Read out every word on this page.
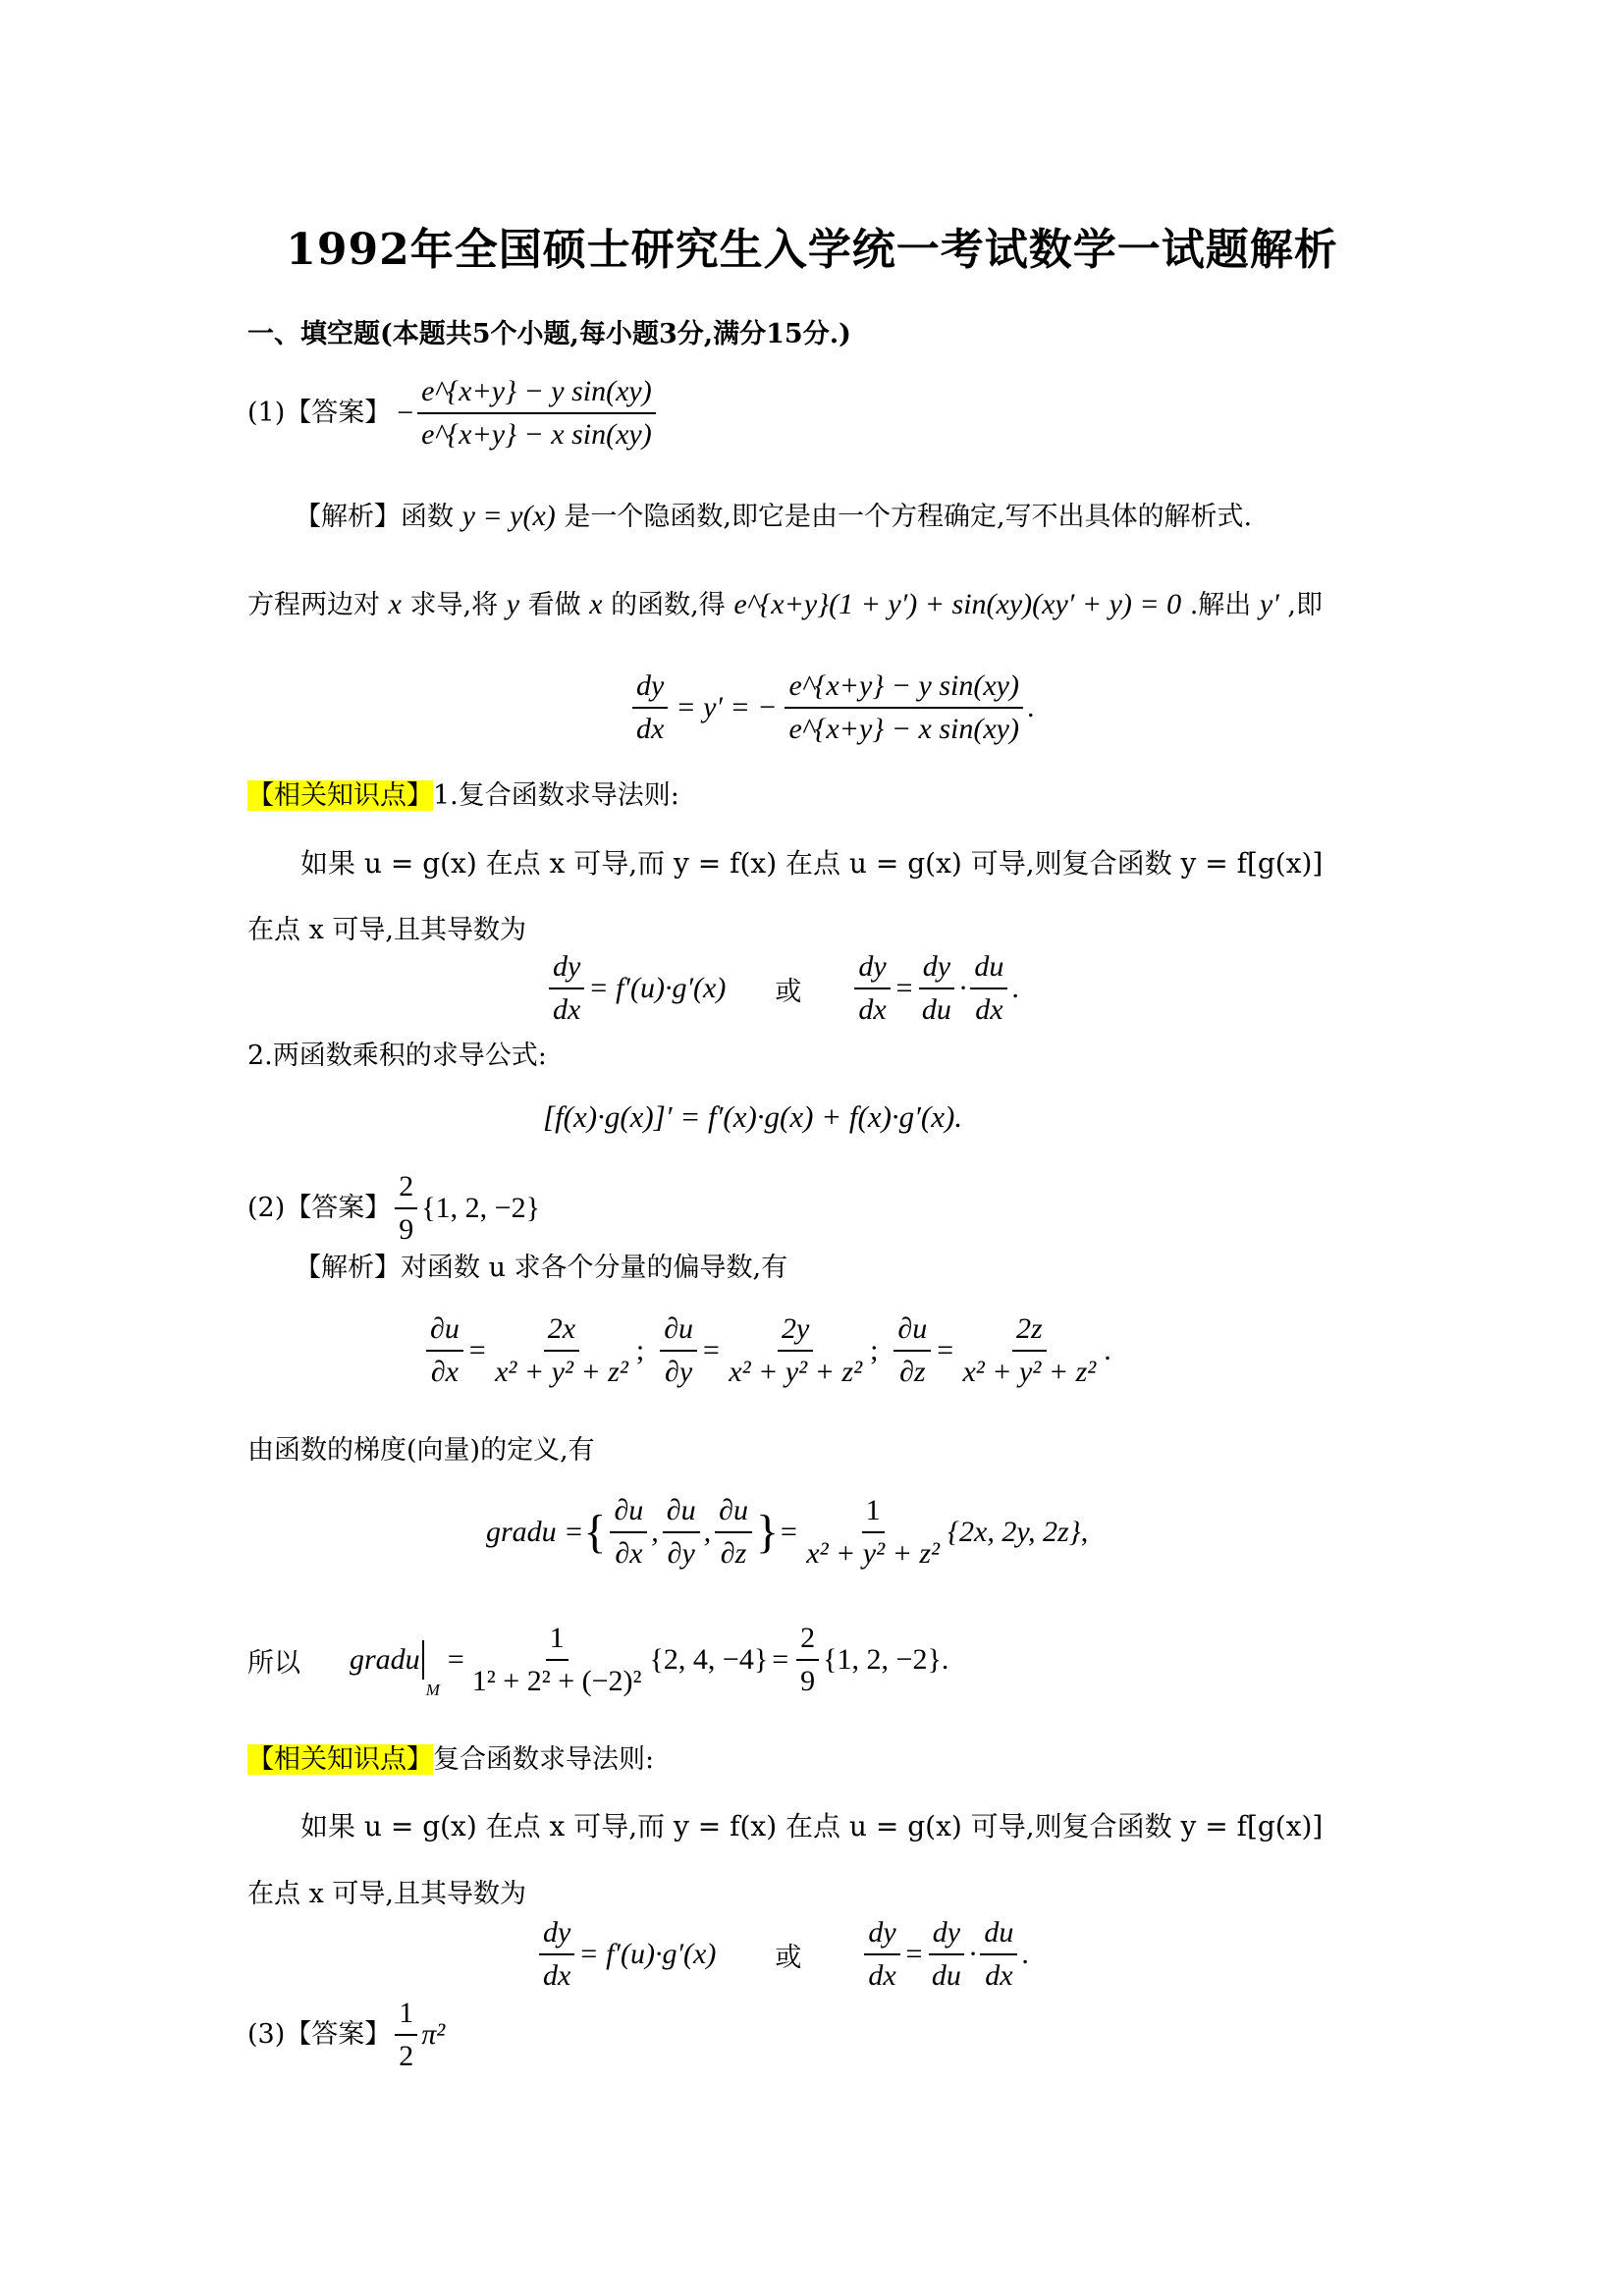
1992年全国硕士研究生入学统一考试数学一试题解析
一、填空题(本题共5个小题,每小题3分,满分15分.)
(1)【答案】 − $\frac{\text{e\textasciicircum{}\{x+y\} − y sin(xy)}}{\text{e\textasciicircum{}\{x+y\} − x sin(xy)}}$
【解析】函数 y = y(x) 是一个隐函数,即它是由一个方程确定,写不出具体的解析式.
方程两边对 x 求导,将 y 看做 x 的函数,得 e^{x+y}(1 + y′) + sin(xy)(xy′ + y) = 0 .解出 y′ ,即
$\frac{dy}{dx} = y'$ = − $\frac{\text{e\textasciicircum{}\{x+y\} − y sin(xy)}}{\text{e\textasciicircum{}\{x+y\} − x sin(xy)}}$ .
【相关知识点】1.复合函数求导法则:
如果 u = g(x) 在点 x 可导,而 y = f(x) 在点 u = g(x) 可导,则复合函数 y = f[g(x)]
在点 x 可导,且其导数为
$\frac{dy}{dx} = f'(u)\cdot g'(x)$ 或 $\frac{dy}{dx} = \frac{dy}{du} \cdot \frac{du}{dx}$ .
2.两函数乘积的求导公式:
[f(x)·g(x)]′ = f′(x)·g(x) + f(x)·g′(x).
(2)【答案】 $\frac{2}{9} \{1$, 2, −2}
【解析】对函数 u 求各个分量的偏导数,有
$\frac{\partial u}{\partial x} = \frac{2x}{\text{x² + y² + z²}}$ ; $\frac{\partial u}{\partial y} = \frac{2y}{\text{x² + y² + z²}}$ ; $\frac{\partial u}{\partial z} = \frac{2z}{\text{x² + y² + z²}}$ .
由函数的梯度(向量)的定义,有
gradu = { $\frac{\partial u}{\partial x}$ , $\frac{\partial u}{\partial y}$ , $\frac{\partial u}{\partial z}$ } = $\frac{1}{\text{x² + y² + z²}} \{2x$, 2y, 2z} ,
所以 gradu
M
= $\frac{1}{\text{1² + 2² + (−2)²}} \{2$, 4, $-4\} = \frac{2}{9} \{1$, 2, −2} .
【相关知识点】复合函数求导法则:
如果 u = g(x) 在点 x 可导,而 y = f(x) 在点 u = g(x) 可导,则复合函数 y = f[g(x)]
在点 x 可导,且其导数为
$\frac{dy}{dx} = f'(u)\cdot g'(x)$ 或 $\frac{dy}{dx} = \frac{dy}{du} \cdot \frac{du}{dx}$ .
(3)【答案】 $\frac{1}{2} \pi^2$
